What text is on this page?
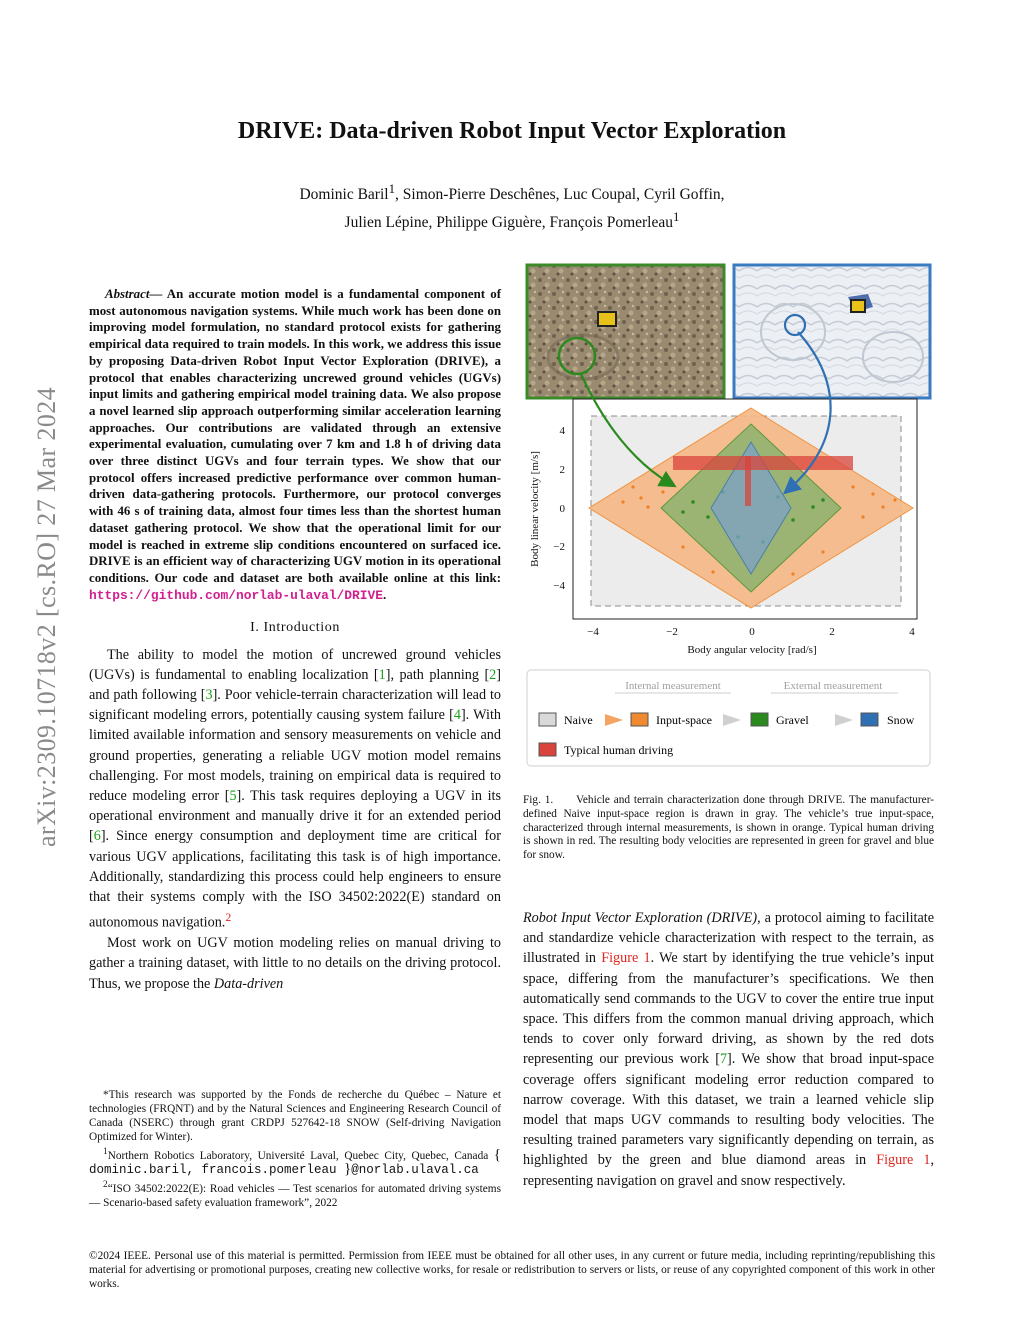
DRIVE: Data-driven Robot Input Vector Exploration
Dominic Baril$^1$, Simon-Pierre Deschênes, Luc Coupal, Cyril Goffin,
Julien Lépine, Philippe Giguère, François Pomerleau$^1$
arXiv:2309.10718v2 [cs.RO] 27 Mar 2024

Abstract— An accurate motion model is a fundamental component of most autonomous navigation systems. While much work has been done on improving model formulation, no standard protocol exists for gathering empirical data required to train models. In this work, we address this issue by proposing Data-driven Robot Input Vector Exploration (DRIVE), a protocol that enables characterizing uncrewed ground vehicles (UGVs) input limits and gathering empirical model training data. We also propose a novel learned slip approach outperforming similar acceleration learning approaches. Our contributions are validated through an extensive experimental evaluation, cumulating over 7 km and 1.8 h of driving data over three distinct UGVs and four terrain types. We show that our protocol offers increased predictive performance over common human-driven data-gathering protocols. Furthermore, our protocol converges with 46 s of training data, almost four times less than the shortest human dataset gathering protocol. We show that the operational limit for our model is reached in extreme slip conditions encountered on surfaced ice. DRIVE is an efficient way of characterizing UGV motion in its operational conditions. Our code and dataset are both available online at this link: https://github.com/norlab-ulaval/DRIVE.

I. Introduction

The ability to model the motion of uncrewed ground vehicles (UGVs) is fundamental to enabling localization [1], path planning [2] and path following [3]. Poor vehicle-terrain characterization will lead to significant modeling errors, potentially causing system failure [4]. With limited available information and sensory measurements on vehicle and ground properties, generating a reliable UGV motion model remains challenging. For most models, training on empirical data is required to reduce modeling error [5]. This task requires deploying a UGV in its operational environment and manually drive it for an extended period [6]. Since energy consumption and deployment time are critical for various UGV applications, facilitating this task is of high importance. Additionally, standardizing this process could help engineers to ensure that their systems comply with the ISO 34502:2022(E) standard on autonomous navigation.$^2$

Most work on UGV motion modeling relies on manual driving to gather a training dataset, with little to no details on the driving protocol. Thus, we propose the Data-driven

*This research was supported by the Fonds de recherche du Québec – Nature et technologies (FRQNT) and by the Natural Sciences and Engineering Research Council of Canada (NSERC) through grant CRDPJ 527642-18 SNOW (Self-driving Navigation Optimized for Winter).

$^1$Northern Robotics Laboratory, Université Laval, Quebec City, Quebec, Canada { dominic.baril, francois.pomerleau }@norlab.ulaval.ca

$^2$“ISO 34502:2022(E): Road vehicles — Test scenarios for automated driving systems — Scenario-based safety evaluation framework”, 2022

4
2
0
−2
−4
Body linear velocity [m/s]
−4	−2	0	2	4
Body angular velocity [rad/s]
Internal measurement	External measurement
Naive	Input-space	Gravel	Snow
Typical human driving
Fig. 1. Vehicle and terrain characterization done through DRIVE. The manufacturer-defined Naive input-space region is drawn in gray. The vehicle’s true input-space, characterized through internal measurements, is shown in orange. Typical human driving is shown in red. The resulting body velocities are represented in green for gravel and blue for snow.

Robot Input Vector Exploration (DRIVE), a protocol aiming to facilitate and standardize vehicle characterization with respect to the terrain, as illustrated in Figure 1. We start by identifying the true vehicle’s input space, differing from the manufacturer’s specifications. We then automatically send commands to the UGV to cover the entire true input space. This differs from the common manual driving approach, which tends to cover only forward driving, as shown by the red dots representing our previous work [7]. We show that broad input-space coverage offers significant modeling error reduction compared to narrow coverage. With this dataset, we train a learned vehicle slip model that maps UGV commands to resulting body velocities. The resulting trained parameters vary significantly depending on terrain, as highlighted by the green and blue diamond areas in Figure 1, representing navigation on gravel and snow respectively.

©2024 IEEE. Personal use of this material is permitted. Permission from IEEE must be obtained for all other uses, in any current or future media, including reprinting/republishing this material for advertising or promotional purposes, creating new collective works, for resale or redistribution to servers or lists, or reuse of any copyrighted component of this work in other works.
